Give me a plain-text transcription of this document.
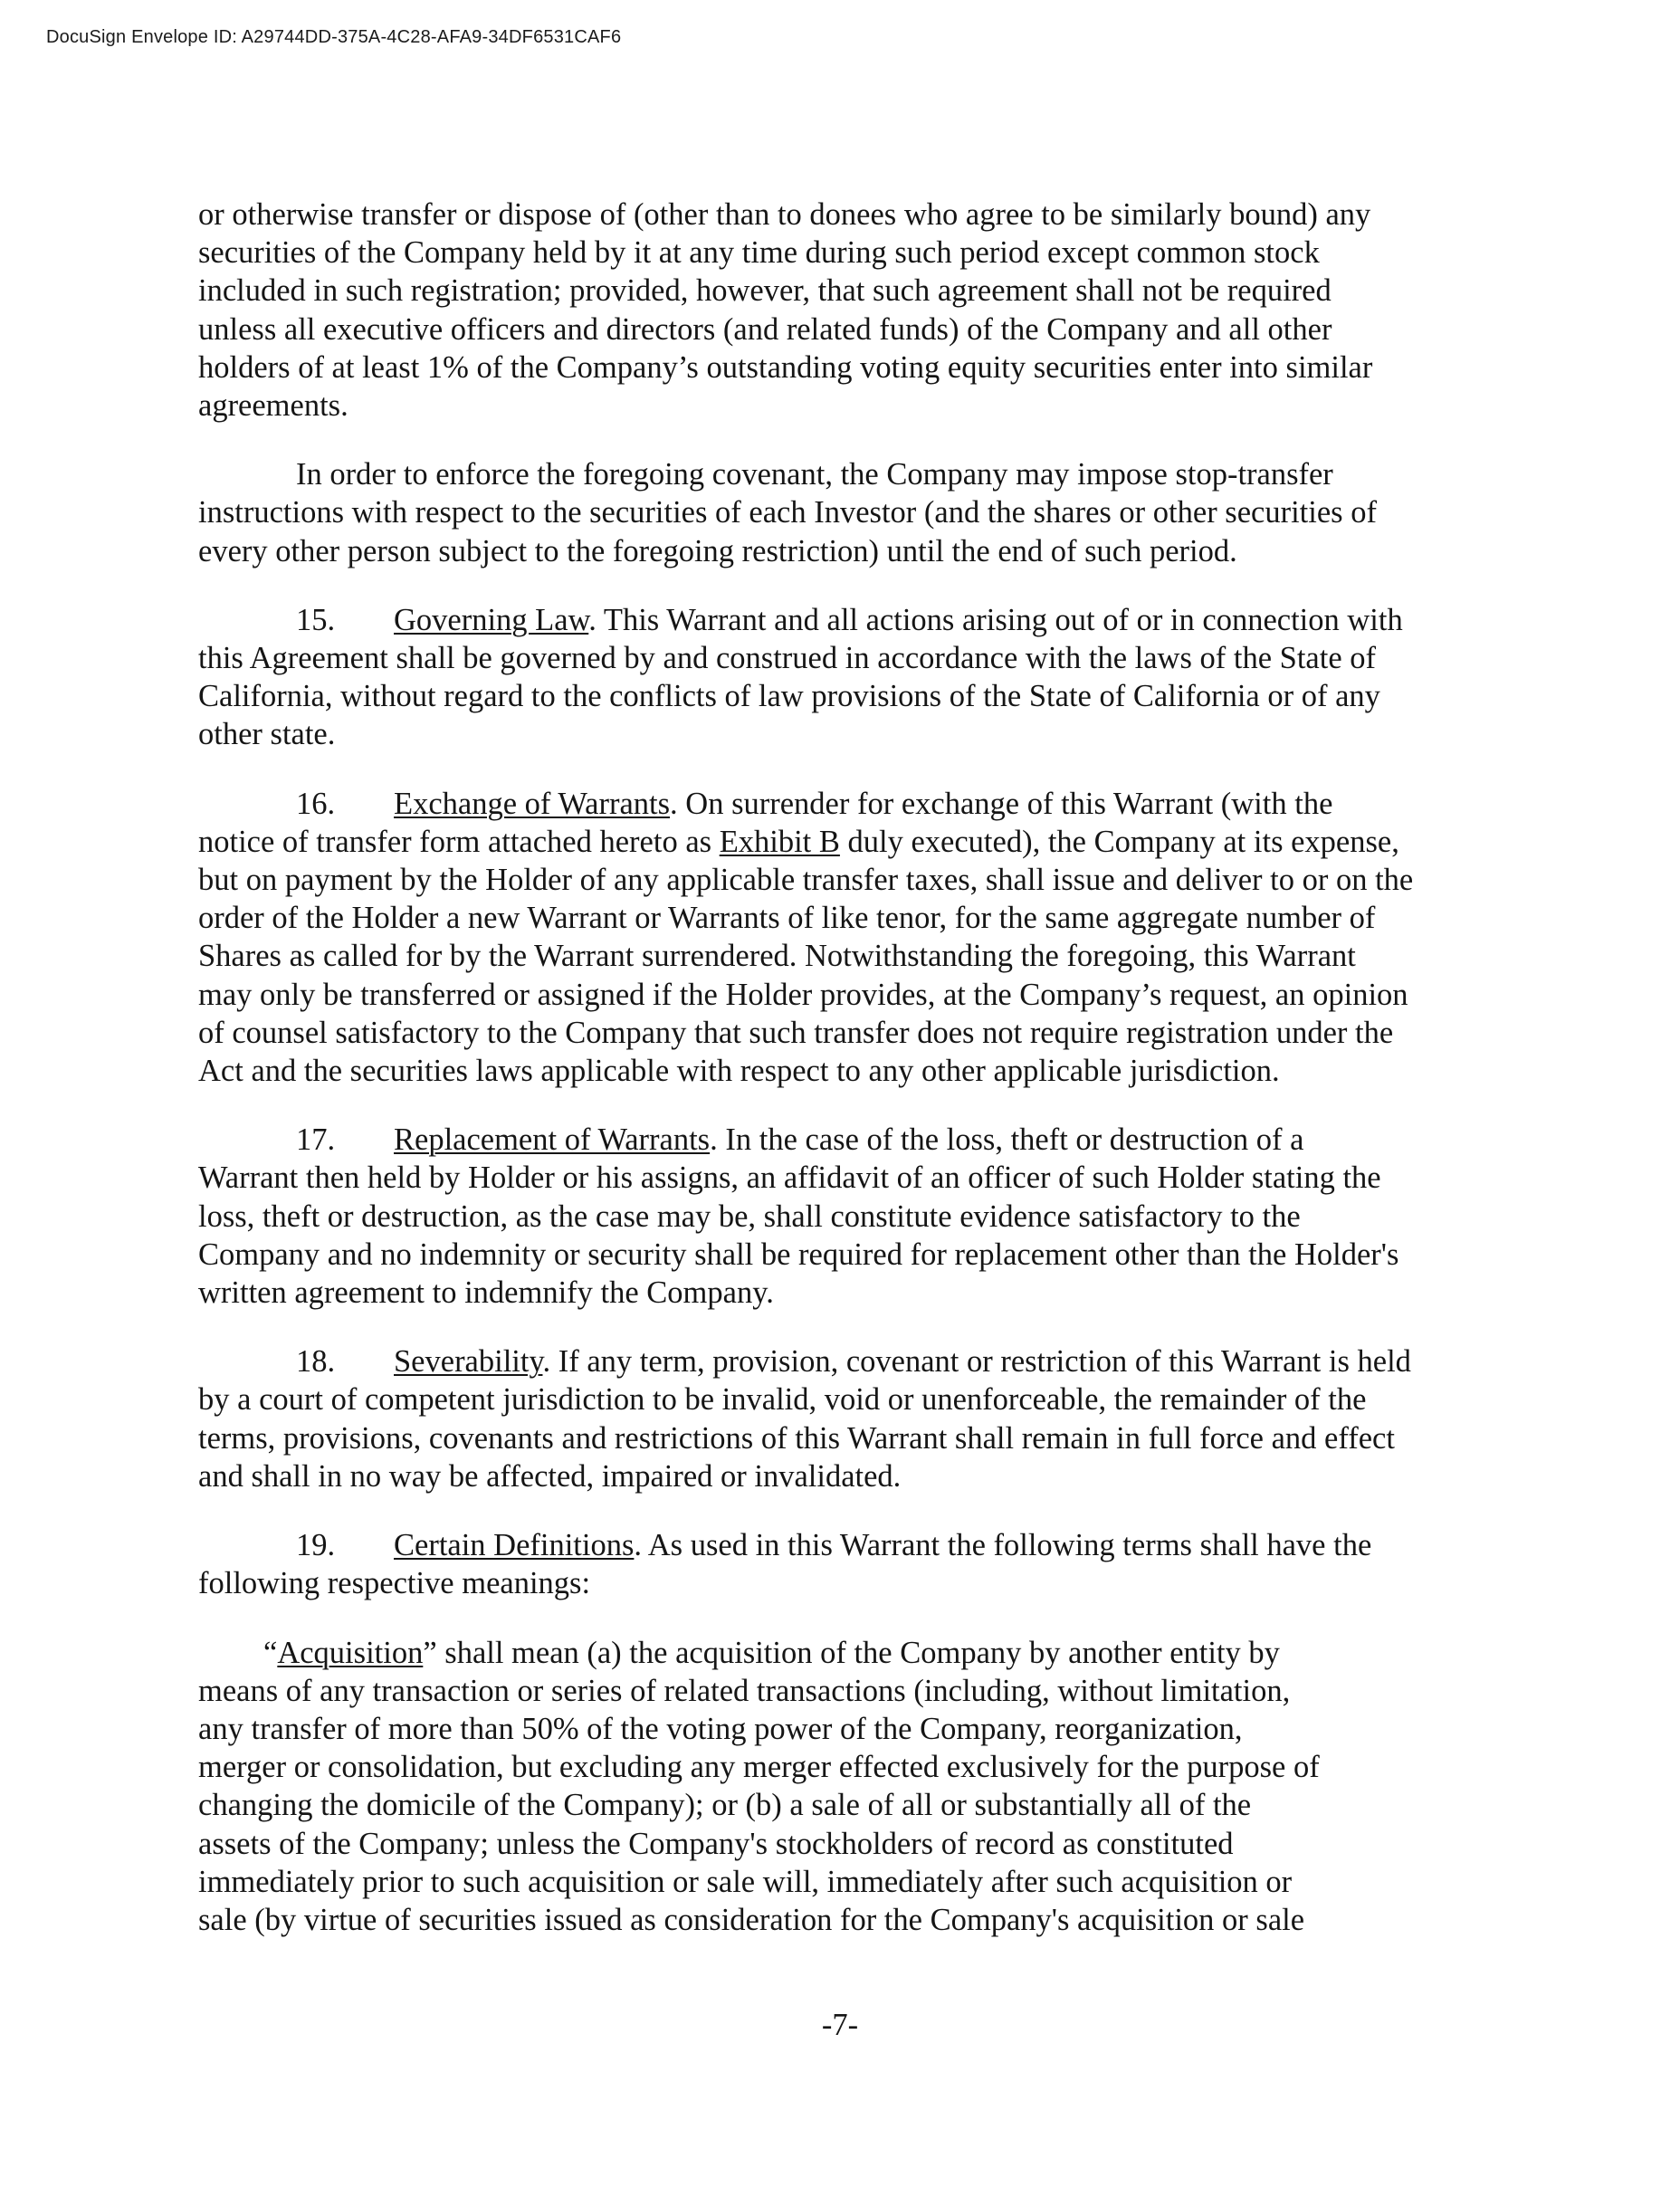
DocuSign Envelope ID: A29744DD-375A-4C28-AFA9-34DF6531CAF6

or otherwise transfer or dispose of (other than to donees who agree to be similarly bound) any
securities of the Company held by it at any time during such period except common stock
included in such registration; provided, however, that such agreement shall not be required
unless all executive officers and directors (and related funds) of the Company and all other
holders of at least 1% of the Company’s outstanding voting equity securities enter into similar
agreements.

In order to enforce the foregoing covenant, the Company may impose stop-transfer
instructions with respect to the securities of each Investor (and the shares or other securities of
every other person subject to the foregoing restriction) until the end of such period.

15. Governing Law. This Warrant and all actions arising out of or in connection with
this Agreement shall be governed by and construed in accordance with the laws of the State of
California, without regard to the conflicts of law provisions of the State of California or of any
other state.

16. Exchange of Warrants. On surrender for exchange of this Warrant (with the
notice of transfer form attached hereto as Exhibit B duly executed), the Company at its expense,
but on payment by the Holder of any applicable transfer taxes, shall issue and deliver to or on the
order of the Holder a new Warrant or Warrants of like tenor, for the same aggregate number of
Shares as called for by the Warrant surrendered. Notwithstanding the foregoing, this Warrant
may only be transferred or assigned if the Holder provides, at the Company’s request, an opinion
of counsel satisfactory to the Company that such transfer does not require registration under the
Act and the securities laws applicable with respect to any other applicable jurisdiction.

17. Replacement of Warrants. In the case of the loss, theft or destruction of a
Warrant then held by Holder or his assigns, an affidavit of an officer of such Holder stating the
loss, theft or destruction, as the case may be, shall constitute evidence satisfactory to the
Company and no indemnity or security shall be required for replacement other than the Holder's
written agreement to indemnify the Company.

18. Severability. If any term, provision, covenant or restriction of this Warrant is held
by a court of competent jurisdiction to be invalid, void or unenforceable, the remainder of the
terms, provisions, covenants and restrictions of this Warrant shall remain in full force and effect
and shall in no way be affected, impaired or invalidated.

19. Certain Definitions. As used in this Warrant the following terms shall have the
following respective meanings:

“Acquisition” shall mean (a) the acquisition of the Company by another entity by
means of any transaction or series of related transactions (including, without limitation,
any transfer of more than 50% of the voting power of the Company, reorganization,
merger or consolidation, but excluding any merger effected exclusively for the purpose of
changing the domicile of the Company); or (b) a sale of all or substantially all of the
assets of the Company; unless the Company's stockholders of record as constituted
immediately prior to such acquisition or sale will, immediately after such acquisition or
sale (by virtue of securities issued as consideration for the Company's acquisition or sale

-7-
